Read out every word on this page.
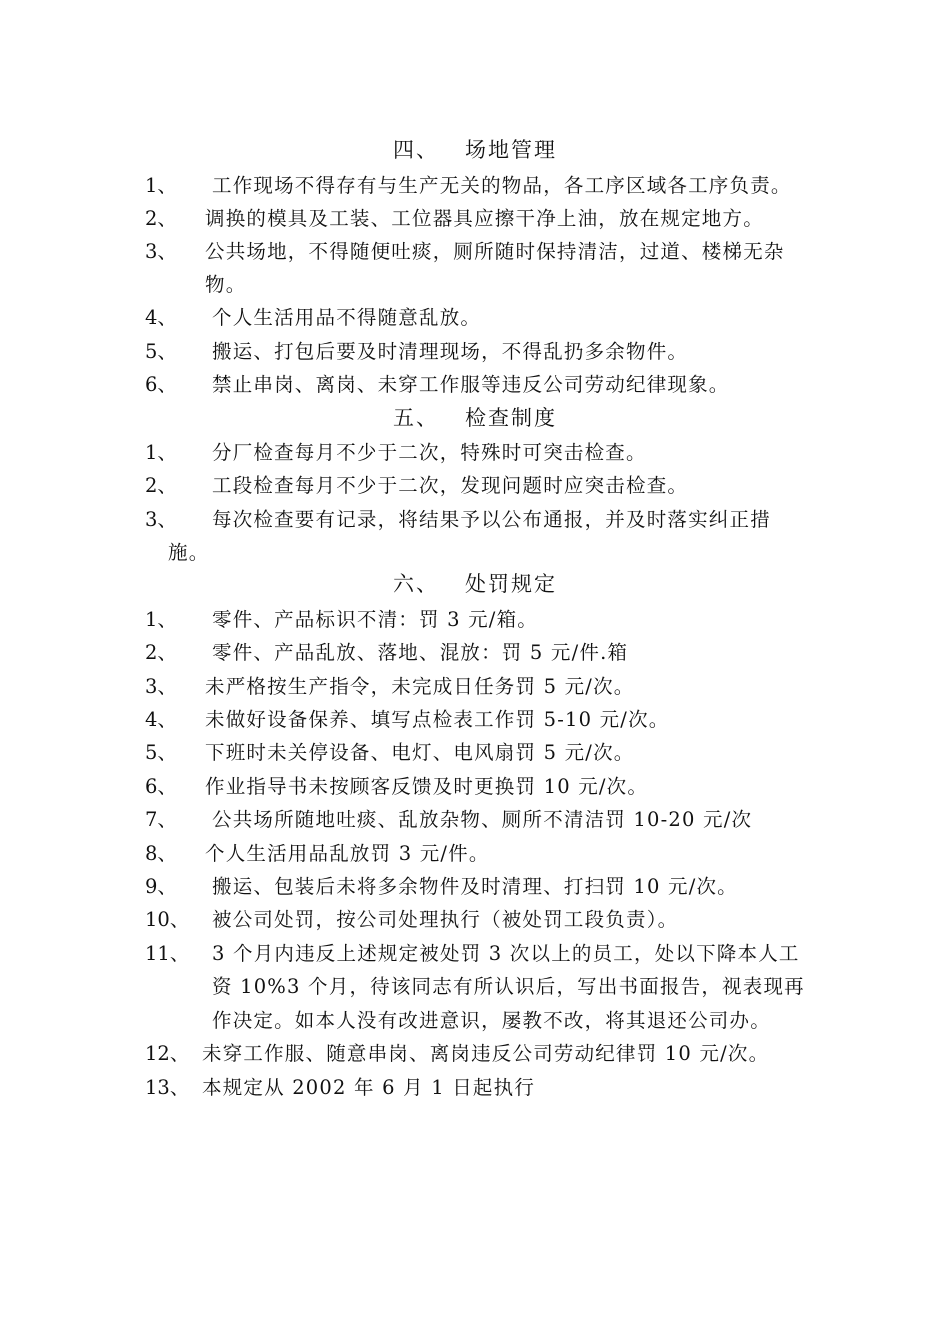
四、 场地管理
1、 工作现场不得存有与生产无关的物品，各工序区域各工序负责。
2、 调换的模具及工装、工位器具应擦干净上油，放在规定地方。
3、 公共场地，不得随便吐痰，厕所随时保持清洁，过道、楼梯无杂
物。
4、 个人生活用品不得随意乱放。
5、 搬运、打包后要及时清理现场，不得乱扔多余物件。
6、 禁止串岗、离岗、未穿工作服等违反公司劳动纪律现象。
五、 检查制度
1、 分厂检查每月不少于二次，特殊时可突击检查。
2、 工段检查每月不少于二次，发现问题时应突击检查。
3、 每次检查要有记录，将结果予以公布通报，并及时落实纠正措
施。
六、 处罚规定
1、 零件、产品标识不清：罚 3 元/箱。
2、 零件、产品乱放、落地、混放：罚 5 元/件.箱
3、 未严格按生产指令，未完成日任务罚 5 元/次。
4、 未做好设备保养、填写点检表工作罚 5-10 元/次。
5、 下班时未关停设备、电灯、电风扇罚 5 元/次。
6、 作业指导书未按顾客反馈及时更换罚 10 元/次。
7、 公共场所随地吐痰、乱放杂物、厕所不清洁罚 10-20 元/次
8、 个人生活用品乱放罚 3 元/件。
9、 搬运、包装后未将多余物件及时清理、打扫罚 10 元/次。
10、 被公司处罚，按公司处理执行（被处罚工段负责）。
11、 3 个月内违反上述规定被处罚 3 次以上的员工，处以下降本人工
资 10%3 个月，待该同志有所认识后，写出书面报告，视表现再
作决定。如本人没有改进意识，屡教不改，将其退还公司办。
12、 未穿工作服、随意串岗、离岗违反公司劳动纪律罚 10 元/次。
13、 本规定从 2002 年 6 月 1 日起执行
